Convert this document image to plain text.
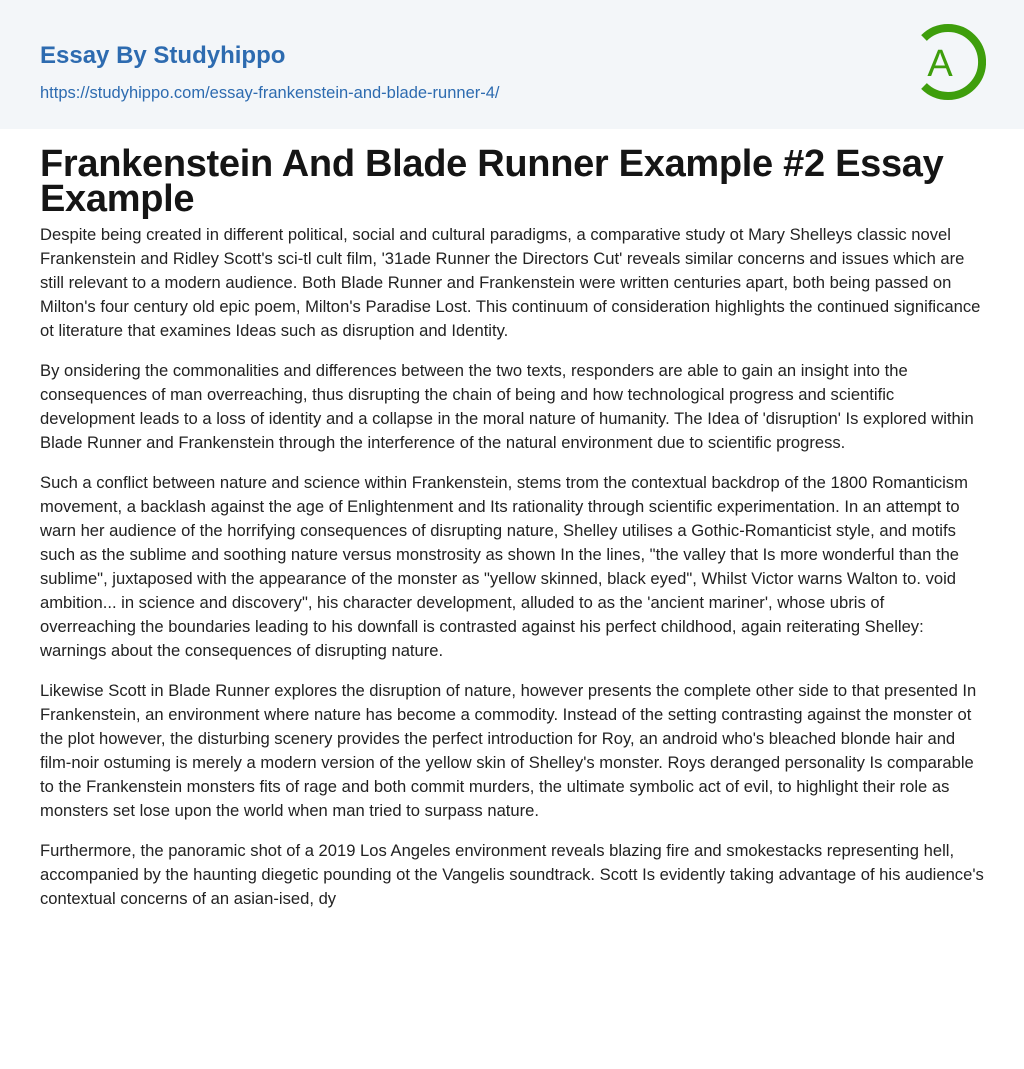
Essay By Studyhippo
https://studyhippo.com/essay-frankenstein-and-blade-runner-4/
A
Frankenstein And Blade Runner Example #2 Essay Example

Despite being created in different political, social and cultural paradigms, a comparative study ot Mary Shelleys classic novel Frankenstein and Ridley Scott's sci-tl cult film, '31ade Runner the Directors Cut' reveals similar concerns and issues which are still relevant to a modern audience. Both Blade Runner and Frankenstein were written centuries apart, both being passed on Milton's four century old epic poem, Milton's Paradise Lost. This continuum of consideration highlights the continued significance ot literature that examines Ideas such as disruption and Identity.

By onsidering the commonalities and differences between the two texts, responders are able to gain an insight into the consequences of man overreaching, thus disrupting the chain of being and how technological progress and scientific development leads to a loss of identity and a collapse in the moral nature of humanity. The Idea of 'disruption' Is explored within Blade Runner and Frankenstein through the interference of the natural environment due to scientific progress.

Such a conflict between nature and science within Frankenstein, stems trom the contextual backdrop of the 1800 Romanticism movement, a backlash against the age of Enlightenment and Its rationality through scientific experimentation. In an attempt to warn her audience of the horrifying consequences of disrupting nature, Shelley utilises a Gothic-Romanticist style, and motifs such as the sublime and soothing nature versus monstrosity as shown In the lines, "the valley that Is more wonderful than the sublime", juxtaposed with the appearance of the monster as "yellow skinned, black eyed", Whilst Victor warns Walton to. void ambition... in science and discovery", his character development, alluded to as the 'ancient mariner', whose ubris of overreaching the boundaries leading to his downfall is contrasted against his perfect childhood, again reiterating Shelley: warnings about the consequences of disrupting nature.

Likewise Scott in Blade Runner explores the disruption of nature, however presents the complete other side to that presented In Frankenstein, an environment where nature has become a commodity. Instead of the setting contrasting against the monster ot the plot however, the disturbing scenery provides the perfect introduction for Roy, an android who's bleached blonde hair and film-noir ostuming is merely a modern version of the yellow skin of Shelley's monster. Roys deranged personality Is comparable to the Frankenstein monsters fits of rage and both commit murders, the ultimate symbolic act of evil, to highlight their role as monsters set lose upon the world when man tried to surpass nature.

Furthermore, the panoramic shot of a 2019 Los Angeles environment reveals blazing fire and smokestacks representing hell, accompanied by the haunting diegetic pounding ot the Vangelis soundtrack. Scott Is evidently taking advantage of his audience's contextual concerns of an asian-ised, dy
